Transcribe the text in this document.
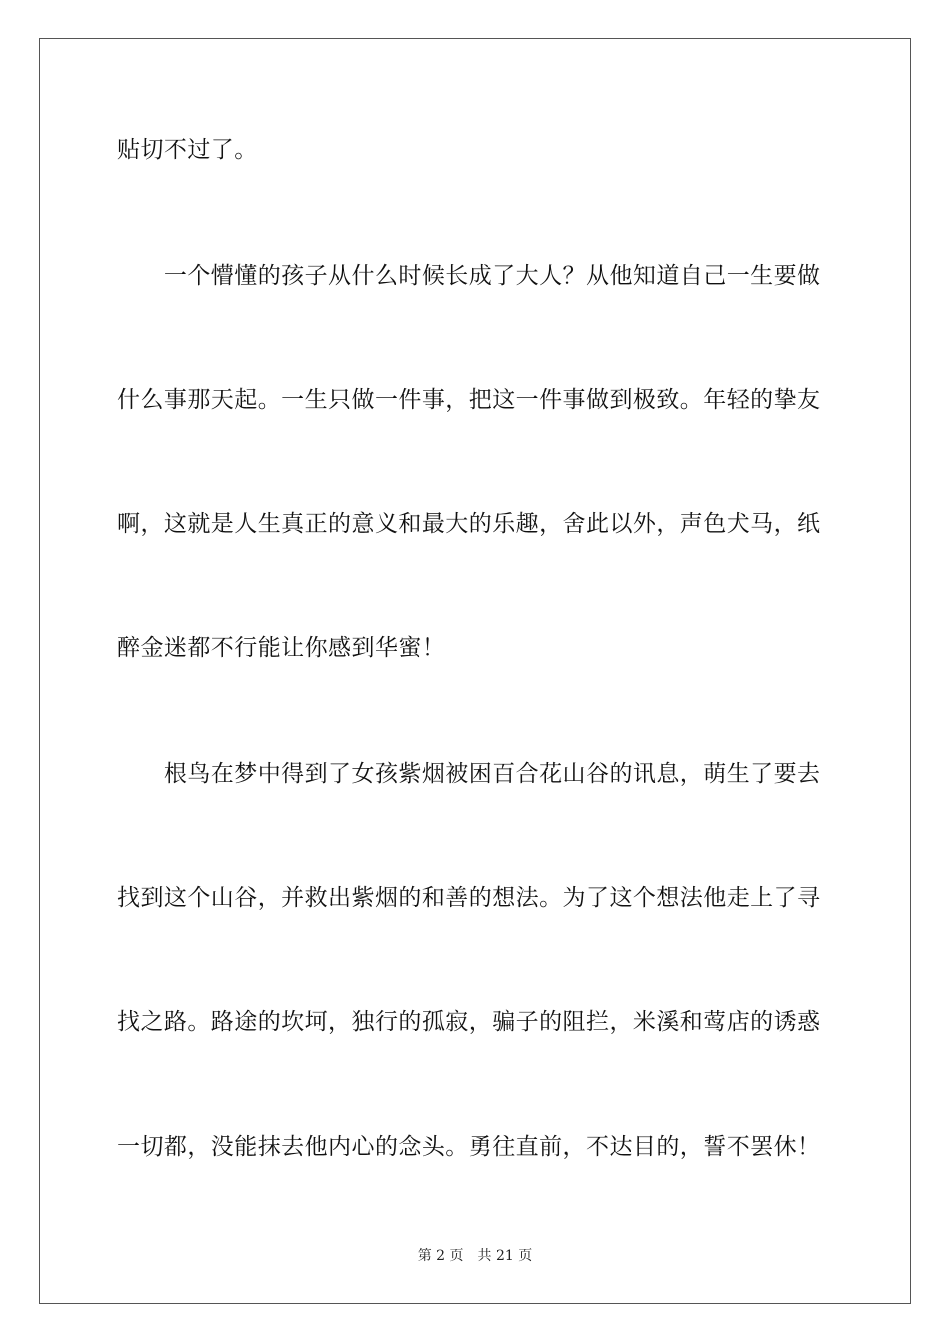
贴切不过了。
　　一个懵懂的孩子从什么时候长成了大人？从他知道自己一生要做
什么事那天起。一生只做一件事，把这一件事做到极致。年轻的挚友
啊，这就是人生真正的意义和最大的乐趣，舍此以外，声色犬马，纸
醉金迷都不行能让你感到华蜜！
　　根鸟在梦中得到了女孩紫烟被困百合花山谷的讯息，萌生了要去
找到这个山谷，并救出紫烟的和善的想法。为了这个想法他走上了寻
找之路。路途的坎坷，独行的孤寂，骗子的阻拦，米溪和莺店的诱惑
一切都，没能抹去他内心的念头。勇往直前，不达目的，誓不罢休！
第 2 页 共 21 页
